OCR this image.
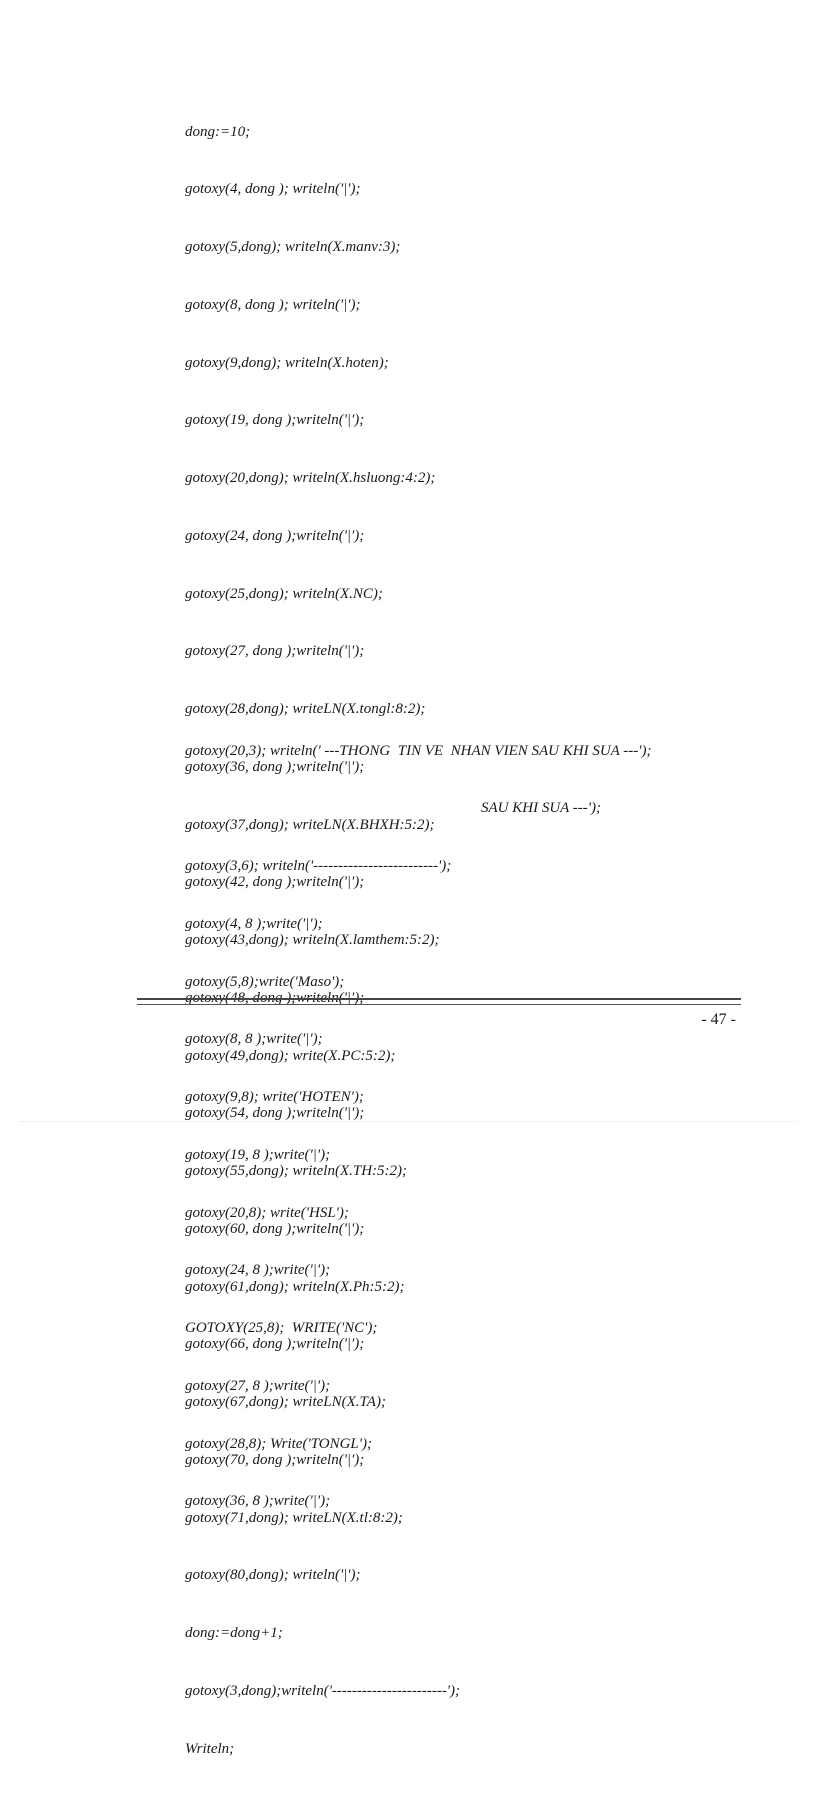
dong:=10;

gotoxy(4, dong ); writeln('|');

gotoxy(5,dong); writeln(X.manv:3);

gotoxy(8, dong ); writeln('|');

gotoxy(9,dong); writeln(X.hoten);

gotoxy(19, dong );writeln('|');

gotoxy(20,dong); writeln(X.hsluong:4:2);

gotoxy(24, dong );writeln('|');

gotoxy(25,dong); writeln(X.NC);

gotoxy(27, dong );writeln('|');

gotoxy(28,dong); writeLN(X.tongl:8:2);

gotoxy(36, dong );writeln('|');

gotoxy(37,dong); writeLN(X.BHXH:5:2);

gotoxy(42, dong );writeln('|');

gotoxy(43,dong); writeln(X.lamthem:5:2);

gotoxy(48, dong );writeln('|');

gotoxy(49,dong); write(X.PC:5:2);

gotoxy(54, dong );writeln('|');

gotoxy(55,dong); writeln(X.TH:5:2);

gotoxy(60, dong );writeln('|');

gotoxy(61,dong); writeln(X.Ph:5:2);

gotoxy(66, dong );writeln('|');

gotoxy(67,dong); writeLN(X.TA);

gotoxy(70, dong );writeln('|');

gotoxy(71,dong); writeLN(X.tl:8:2);

gotoxy(80,dong); writeln('|');

dong:=dong+1;

gotoxy(3,dong);writeln('-----------------------');

Writeln;

gotoxy(20,3); writeln(' ---THONG  TIN VE  NHAN VIEN SAU KHI SUA ---');

SAU KHI SUA ---');

gotoxy(3,6); writeln('-------------------------');

gotoxy(4, 8 );write('|');

gotoxy(5,8);write('Maso');

gotoxy(8, 8 );write('|');

gotoxy(9,8); write('HOTEN');

gotoxy(19, 8 );write('|');

gotoxy(20,8); write('HSL');

gotoxy(24, 8 );write('|');

GOTOXY(25,8);  WRITE('NC');

gotoxy(27, 8 );write('|');

gotoxy(28,8); Write('TONGL');

gotoxy(36, 8 );write('|');

- 47 -
